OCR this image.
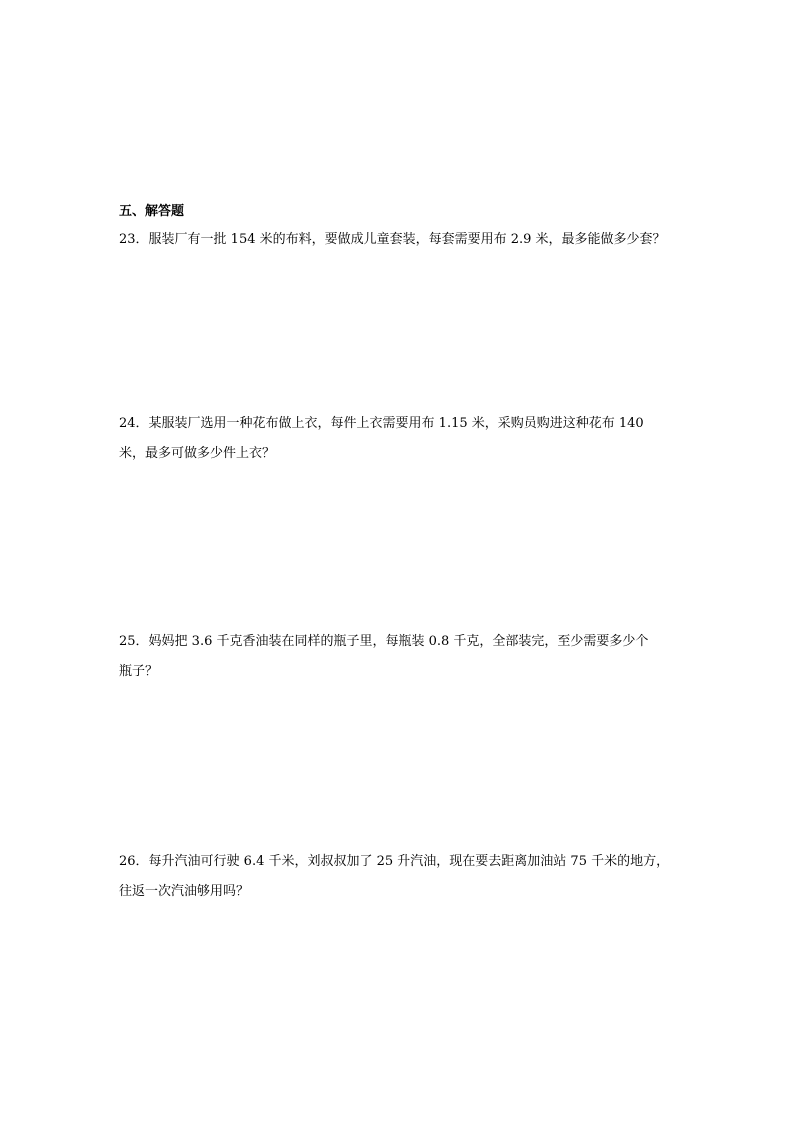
五、解答题
23．服装厂有一批 154 米的布料，要做成儿童套装，每套需要用布 2.9 米，最多能做多少套？
24．某服装厂选用一种花布做上衣，每件上衣需要用布 1.15 米，采购员购进这种花布 140
米，最多可做多少件上衣？
25．妈妈把 3.6 千克香油装在同样的瓶子里，每瓶装 0.8 千克，全部装完，至少需要多少个
瓶子？
26．每升汽油可行驶 6.4 千米，刘叔叔加了 25 升汽油，现在要去距离加油站 75 千米的地方，
往返一次汽油够用吗？
